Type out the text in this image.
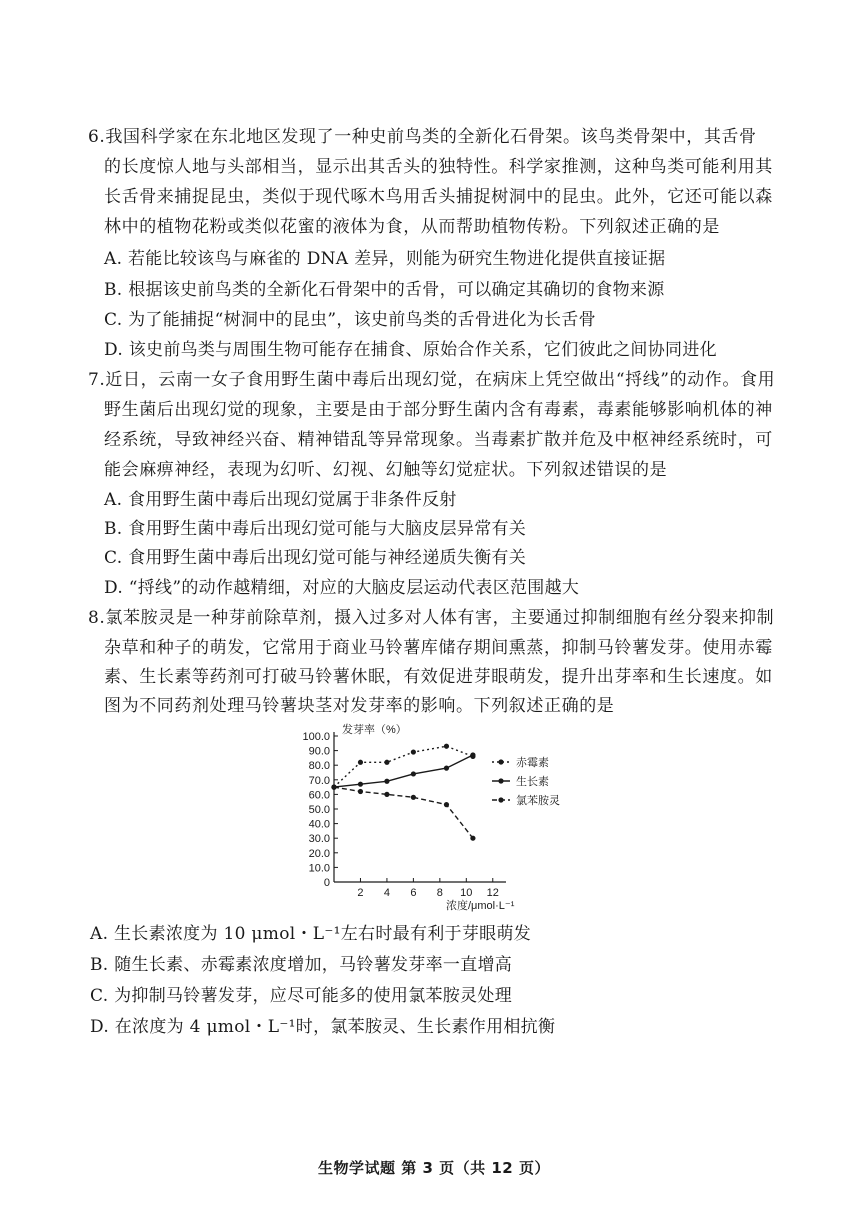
6.我国科学家在东北地区发现了一种史前鸟类的全新化石骨架。该鸟类骨架中，其舌骨
的长度惊人地与头部相当，显示出其舌头的独特性。科学家推测，这种鸟类可能利用其
长舌骨来捕捉昆虫，类似于现代啄木鸟用舌头捕捉树洞中的昆虫。此外，它还可能以森
林中的植物花粉或类似花蜜的液体为食，从而帮助植物传粉。下列叙述正确的是
A. 若能比较该鸟与麻雀的 DNA 差异，则能为研究生物进化提供直接证据
B. 根据该史前鸟类的全新化石骨架中的舌骨，可以确定其确切的食物来源
C. 为了能捕捉“树洞中的昆虫”，该史前鸟类的舌骨进化为长舌骨
D. 该史前鸟类与周围生物可能存在捕食、原始合作关系，它们彼此之间协同进化
7.近日，云南一女子食用野生菌中毒后出现幻觉，在病床上凭空做出“捋线”的动作。食用
野生菌后出现幻觉的现象，主要是由于部分野生菌内含有毒素，毒素能够影响机体的神
经系统，导致神经兴奋、精神错乱等异常现象。当毒素扩散并危及中枢神经系统时，可
能会麻痹神经，表现为幻听、幻视、幻触等幻觉症状。下列叙述错误的是
A. 食用野生菌中毒后出现幻觉属于非条件反射
B. 食用野生菌中毒后出现幻觉可能与大脑皮层异常有关
C. 食用野生菌中毒后出现幻觉可能与神经递质失衡有关
D. “捋线”的动作越精细，对应的大脑皮层运动代表区范围越大
8.氯苯胺灵是一种芽前除草剂，摄入过多对人体有害，主要通过抑制细胞有丝分裂来抑制
杂草和种子的萌发，它常用于商业马铃薯库储存期间熏蒸，抑制马铃薯发芽。使用赤霉
素、生长素等药剂可打破马铃薯休眠，有效促进芽眼萌发，提升出芽率和生长速度。如
图为不同药剂处理马铃薯块茎对发芽率的影响。下列叙述正确的是
0
10.0
20.0
30.0
40.0
50.0
60.0
70.0
80.0
90.0
100.0
2 4 6 8 10 12
赤霉素
生长素
氯苯胺灵
发芽率（%）
浓度/μmol·L⁻¹
A. 生长素浓度为 10 μmol・L⁻¹左右时最有利于芽眼萌发
B. 随生长素、赤霉素浓度增加，马铃薯发芽率一直增高
C. 为抑制马铃薯发芽，应尽可能多的使用氯苯胺灵处理
D. 在浓度为 4 μmol・L⁻¹时，氯苯胺灵、生长素作用相抗衡
生物学试题 第 3 页（共 12 页）
